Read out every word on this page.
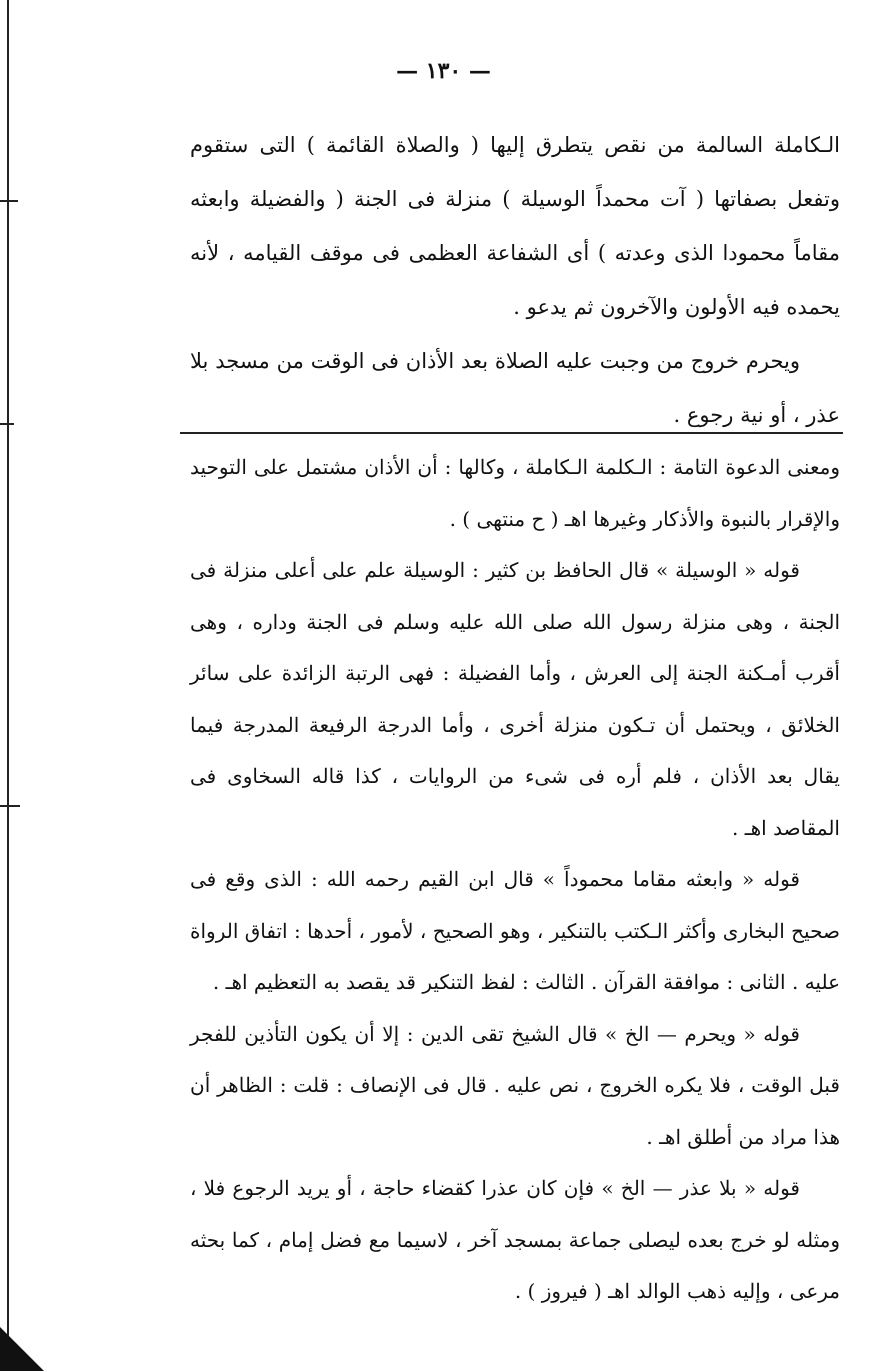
— ١٣٠ —

الـكاملة السالمة من نقص يتطرق إليها ( والصلاة القائمة ) التى ستقوم وتفعل بصفاتها ( آت محمداً الوسيلة ) منزلة فى الجنة ( والفضيلة وابعثه مقاماً محمودا الذى وعدته ) أى الشفاعة العظمى فى موقف القيامه ، لأنه يحمده فيه الأولون والآخرون ثم يدعو .

ويحرم خروج من وجبت عليه الصلاة بعد الأذان فى الوقت من مسجد بلا عذر ، أو نية رجوع .

ومعنى الدعوة التامة : الـكلمة الـكاملة ، وكالها : أن الأذان مشتمل على التوحيد والإقرار بالنبوة والأذكار وغيرها اهـ ( ح منتهى ) .

قوله « الوسيلة » قال الحافظ بن كثير : الوسيلة علم على أعلى منزلة فى الجنة ، وهى منزلة رسول الله صلى الله عليه وسلم فى الجنة وداره ، وهى أقرب أمـكنة الجنة إلى العرش ، وأما الفضيلة : فهى الرتبة الزائدة على سائر الخلائق ، ويحتمل أن تـكون منزلة أخرى ، وأما الدرجة الرفيعة المدرجة فيما يقال بعد الأذان ، فلم أره فى شىء من الروايات ، كذا قاله السخاوى فى المقاصد اهـ .

قوله « وابعثه مقاما محموداً » قال ابن القيم رحمه الله : الذى وقع فى صحيح البخارى وأكثر الـكتب بالتنكير ، وهو الصحيح ، لأمور ، أحدها : اتفاق الرواة عليه . الثانى : موافقة القرآن . الثالث : لفظ التنكير قد يقصد به التعظيم اهـ .

قوله « ويحرم — الخ » قال الشيخ تقى الدين : إلا أن يكون التأذين للفجر قبل الوقت ، فلا يكره الخروج ، نص عليه . قال فى الإنصاف : قلت : الظاهر أن هذا مراد من أطلق اهـ .

قوله « بلا عذر — الخ » فإن كان عذرا كقضاء حاجة ، أو يريد الرجوع فلا ، ومثله لو خرج بعده ليصلى جماعة بمسجد آخر ، لاسيما مع فضل إمام ، كما بحثه مرعى ، وإليه ذهب الوالد اهـ ( فيروز ) .
